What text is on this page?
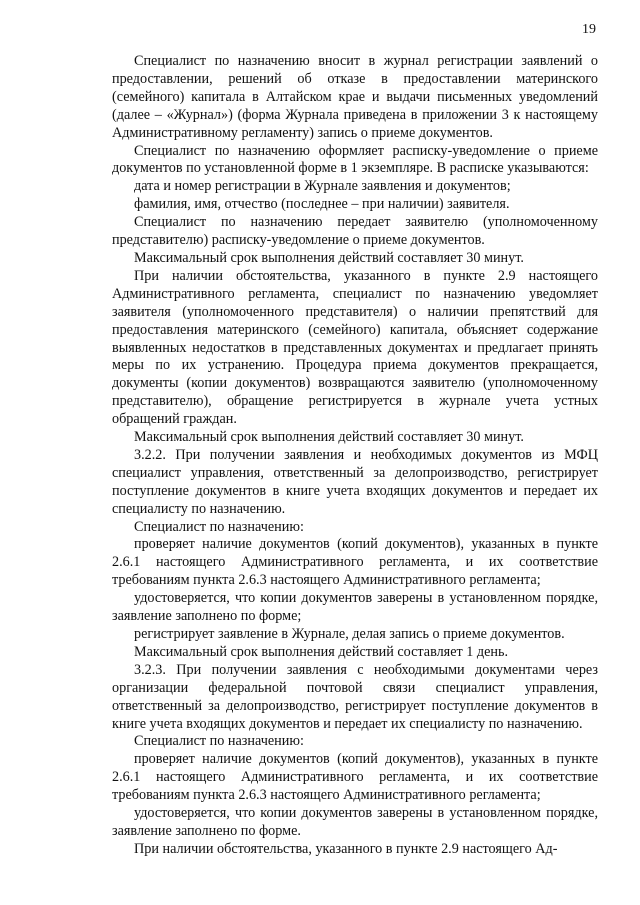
19

Специалист по назначению вносит в журнал регистрации заявлений о предоставлении, решений об отказе в предоставлении материнского (семейного) капитала в Алтайском крае и выдачи письменных уведомлений (далее – «Журнал») (форма Журнала приведена в приложении 3 к настоящему Административному регламенту) запись о приеме документов.

Специалист по назначению оформляет расписку-уведомление о приеме документов по установленной форме в 1 экземпляре. В расписке указываются:

дата и номер регистрации в Журнале заявления и документов;

фамилия, имя, отчество (последнее – при наличии) заявителя.

Специалист по назначению передает заявителю (уполномоченному представителю) расписку-уведомление о приеме документов.

Максимальный срок выполнения действий составляет 30 минут.

При наличии обстоятельства, указанного в пункте 2.9 настоящего Административного регламента, специалист по назначению уведомляет заявителя (уполномоченного представителя) о наличии препятствий для предоставления материнского (семейного) капитала, объясняет содержание выявленных недостатков в представленных документах и предлагает принять меры по их устранению. Процедура приема документов прекращается, документы (копии документов) возвращаются заявителю (уполномоченному представителю), обращение регистрируется в журнале учета устных обращений граждан.

Максимальный срок выполнения действий составляет 30 минут.

3.2.2. При получении заявления и необходимых документов из МФЦ специалист управления, ответственный за делопроизводство, регистрирует поступление документов в книге учета входящих документов и передает их специалисту по назначению.

Специалист по назначению:

проверяет наличие документов (копий документов), указанных в пункте 2.6.1 настоящего Административного регламента, и их соответствие требованиям пункта 2.6.3 настоящего Административного регламента;

удостоверяется, что копии документов заверены в установленном порядке, заявление заполнено по форме;

регистрирует заявление в Журнале, делая запись о приеме документов.

Максимальный срок выполнения действий составляет 1 день.

3.2.3. При получении заявления с необходимыми документами через организации федеральной почтовой связи специалист управления, ответственный за делопроизводство, регистрирует поступление документов в книге учета входящих документов и передает их специалисту по назначению.

Специалист по назначению:

проверяет наличие документов (копий документов), указанных в пункте 2.6.1 настоящего Административного регламента, и их соответствие требованиям пункта 2.6.3 настоящего Административного регламента;

удостоверяется, что копии документов заверены в установленном порядке, заявление заполнено по форме.

При наличии обстоятельства, указанного в пункте 2.9 настоящего Ад-
